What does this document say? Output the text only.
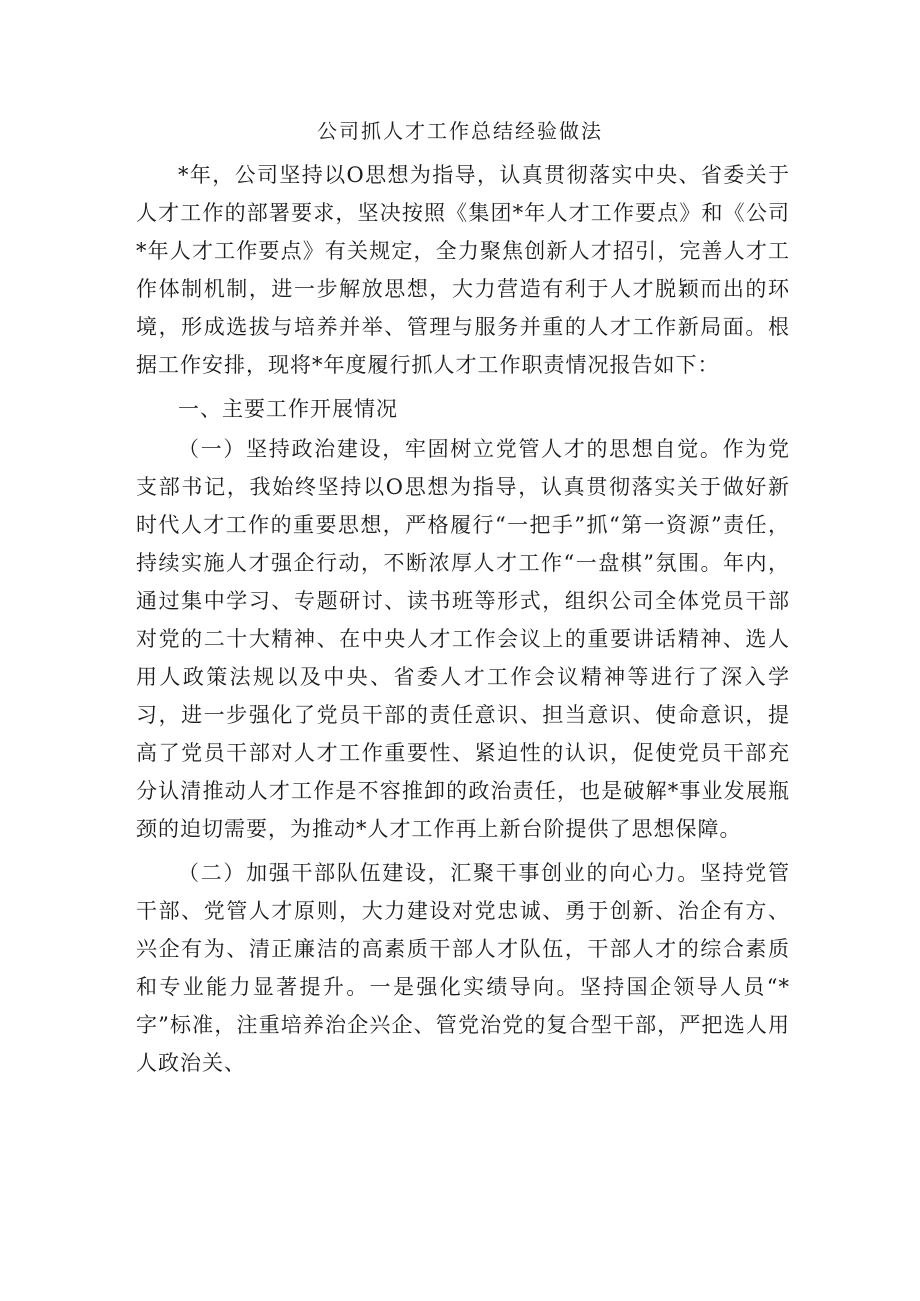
公司抓人才工作总结经验做法

*年，公司坚持以O思想为指导，认真贯彻落实中央、省委关于人才工作的部署要求，坚决按照《集团*年人才工作要点》和《公司*年人才工作要点》有关规定，全力聚焦创新人才招引，完善人才工作体制机制，进一步解放思想，大力营造有利于人才脱颖而出的环境，形成选拔与培养并举、管理与服务并重的人才工作新局面。根据工作安排，现将*年度履行抓人才工作职责情况报告如下：

一、主要工作开展情况

（一）坚持政治建设，牢固树立党管人才的思想自觉。作为党支部书记，我始终坚持以O思想为指导，认真贯彻落实关于做好新时代人才工作的重要思想，严格履行“一把手”抓“第一资源”责任，持续实施人才强企行动，不断浓厚人才工作“一盘棋”氛围。年内，通过集中学习、专题研讨、读书班等形式，组织公司全体党员干部对党的二十大精神、在中央人才工作会议上的重要讲话精神、选人用人政策法规以及中央、省委人才工作会议精神等进行了深入学习，进一步强化了党员干部的责任意识、担当意识、使命意识，提高了党员干部对人才工作重要性、紧迫性的认识，促使党员干部充分认清推动人才工作是不容推卸的政治责任，也是破解*事业发展瓶颈的迫切需要，为推动*人才工作再上新台阶提供了思想保障。

（二）加强干部队伍建设，汇聚干事创业的向心力。坚持党管干部、党管人才原则，大力建设对党忠诚、勇于创新、治企有方、兴企有为、清正廉洁的高素质干部人才队伍，干部人才的综合素质和专业能力显著提升。一是强化实绩导向。坚持国企领导人员“*字”标准，注重培养治企兴企、管党治党的复合型干部，严把选人用人政治关、
